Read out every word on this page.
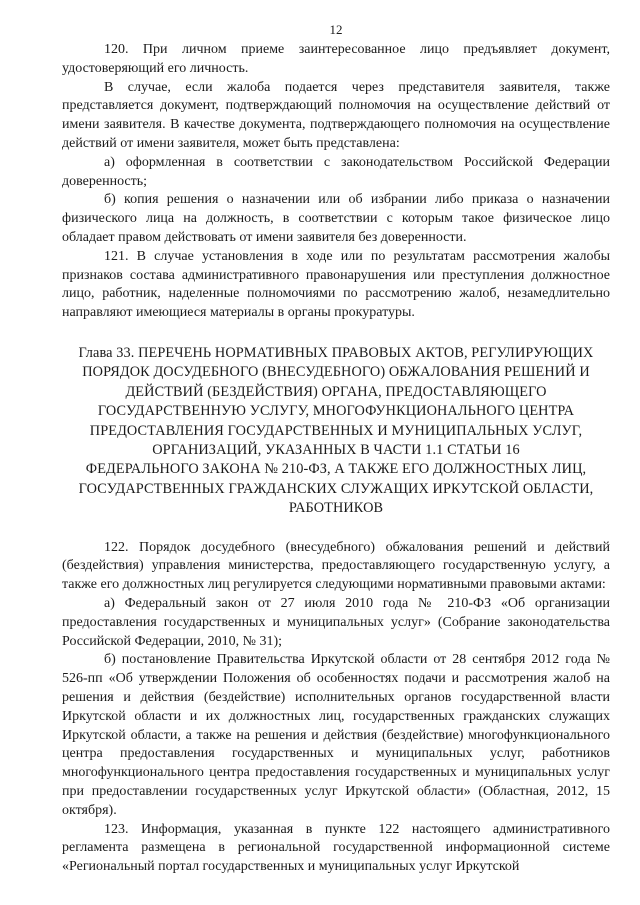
12

120. При личном приеме заинтересованное лицо предъявляет документ, удостоверяющий его личность.

В случае, если жалоба подается через представителя заявителя, также представляется документ, подтверждающий полномочия на осуществление действий от имени заявителя. В качестве документа, подтверждающего полномочия на осуществление действий от имени заявителя, может быть представлена:

а) оформленная в соответствии с законодательством Российской Федерации доверенность;

б) копия решения о назначении или об избрании либо приказа о назначении физического лица на должность, в соответствии с которым такое физическое лицо обладает правом действовать от имени заявителя без доверенности.

121. В случае установления в ходе или по результатам рассмотрения жалобы признаков состава административного правонарушения или преступления должностное лицо, работник, наделенные полномочиями по рассмотрению жалоб, незамедлительно направляют имеющиеся материалы в органы прокуратуры.

Глава 33. ПЕРЕЧЕНЬ НОРМАТИВНЫХ ПРАВОВЫХ АКТОВ, РЕГУЛИРУЮЩИХ
ПОРЯДОК ДОСУДЕБНОГО (ВНЕСУДЕБНОГО) ОБЖАЛОВАНИЯ РЕШЕНИЙ И
ДЕЙСТВИЙ (БЕЗДЕЙСТВИЯ) ОРГАНА, ПРЕДОСТАВЛЯЮЩЕГО
ГОСУДАРСТВЕННУЮ УСЛУГУ, МНОГОФУНКЦИОНАЛЬНОГО ЦЕНТРА
ПРЕДОСТАВЛЕНИЯ ГОСУДАРСТВЕННЫХ И МУНИЦИПАЛЬНЫХ УСЛУГ,
ОРГАНИЗАЦИЙ, УКАЗАННЫХ В ЧАСТИ 1.1 СТАТЬИ 16
ФЕДЕРАЛЬНОГО ЗАКОНА № 210-ФЗ, А ТАКЖЕ ЕГО ДОЛЖНОСТНЫХ ЛИЦ,
ГОСУДАРСТВЕННЫХ ГРАЖДАНСКИХ СЛУЖАЩИХ ИРКУТСКОЙ ОБЛАСТИ,
РАБОТНИКОВ

122. Порядок досудебного (внесудебного) обжалования решений и действий (бездействия) управления министерства, предоставляющего государственную услугу, а также его должностных лиц регулируется следующими нормативными правовыми актами:

а) Федеральный закон от 27 июля 2010 года № 210-ФЗ «Об организации предоставления государственных и муниципальных услуг» (Собрание законодательства Российской Федерации, 2010, № 31);

б) постановление Правительства Иркутской области от 28 сентября 2012 года № 526-пп «Об утверждении Положения об особенностях подачи и рассмотрения жалоб на решения и действия (бездействие) исполнительных органов государственной власти Иркутской области и их должностных лиц, государственных гражданских служащих Иркутской области, а также на решения и действия (бездействие) многофункционального центра предоставления государственных и муниципальных услуг, работников многофункционального центра предоставления государственных и муниципальных услуг при предоставлении государственных услуг Иркутской области» (Областная, 2012, 15 октября).

123. Информация, указанная в пункте 122 настоящего административного регламента размещена в региональной государственной информационной системе «Региональный портал государственных и муниципальных услуг Иркутской
